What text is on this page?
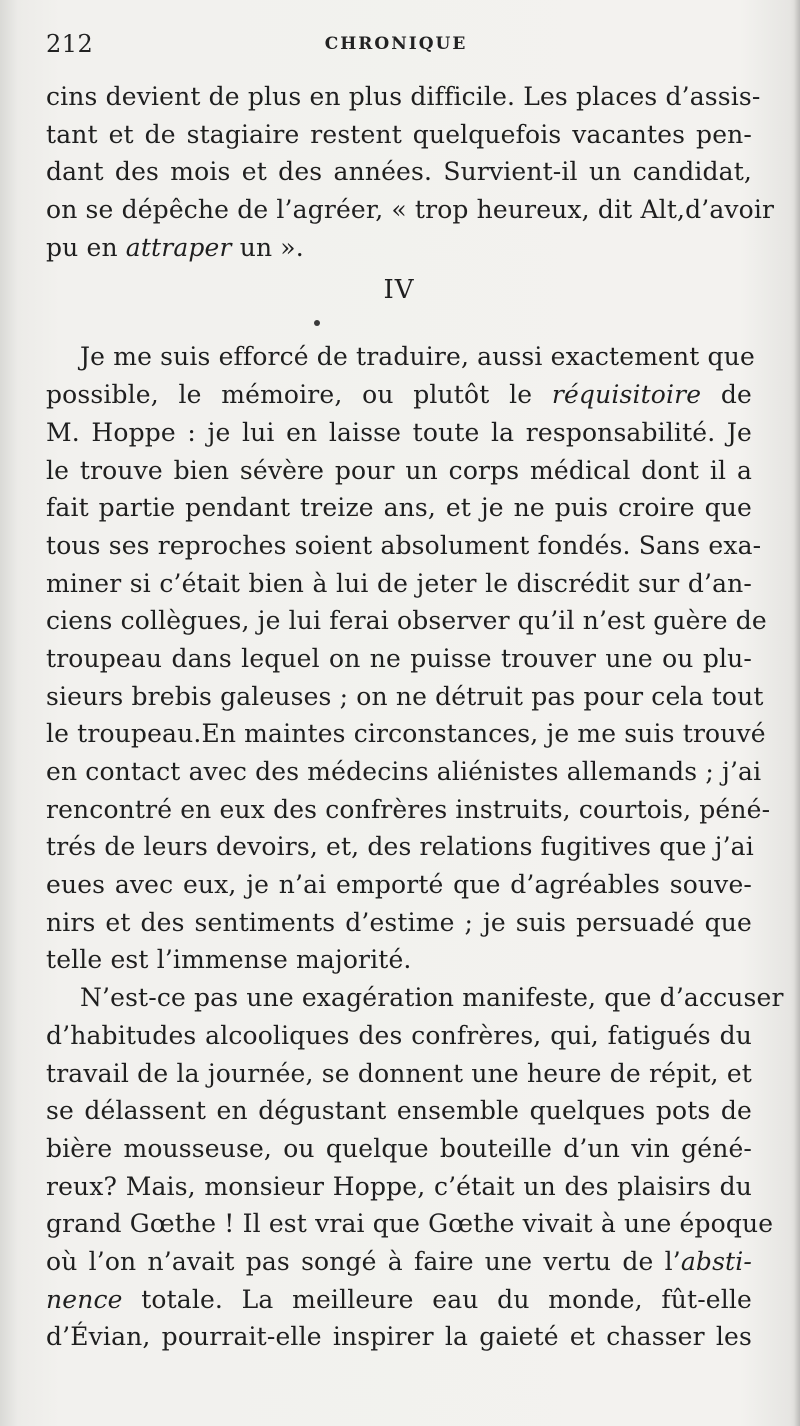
212	CHRONIQUE
cins devient de plus en plus difficile. Les places d’assis-
tant et de stagiaire restent quelquefois vacantes pen-
dant des mois et des années. Survient-il un candidat,
on se dépêche de l’agréer, « trop heureux, dit Alt,d’avoir
pu en attraper un ».
IV
Je me suis efforcé de traduire, aussi exactement que
possible, le mémoire, ou plutôt le réquisitoire de
M. Hoppe : je lui en laisse toute la responsabilité. Je
le trouve bien sévère pour un corps médical dont il a
fait partie pendant treize ans, et je ne puis croire que
tous ses reproches soient absolument fondés. Sans exa-
miner si c’était bien à lui de jeter le discrédit sur d’an-
ciens collègues, je lui ferai observer qu’il n’est guère de
troupeau dans lequel on ne puisse trouver une ou plu-
sieurs brebis galeuses ; on ne détruit pas pour cela tout
le troupeau.En maintes circonstances, je me suis trouvé
en contact avec des médecins aliénistes allemands ; j’ai
rencontré en eux des confrères instruits, courtois, péné-
trés de leurs devoirs, et, des relations fugitives que j’ai
eues avec eux, je n’ai emporté que d’agréables souve-
nirs et des sentiments d’estime ; je suis persuadé que
telle est l’immense majorité.
N’est-ce pas une exagération manifeste, que d’accuser
d’habitudes alcooliques des confrères, qui, fatigués du
travail de la journée, se donnent une heure de répit, et
se délassent en dégustant ensemble quelques pots de
bière mousseuse, ou quelque bouteille d’un vin géné-
reux? Mais, monsieur Hoppe, c’était un des plaisirs du
grand Gœthe ! Il est vrai que Gœthe vivait à une époque
où l’on n’avait pas songé à faire une vertu de l’absti-
nence totale. La meilleure eau du monde, fût-elle
d’Évian, pourrait-elle inspirer la gaieté et chasser les
